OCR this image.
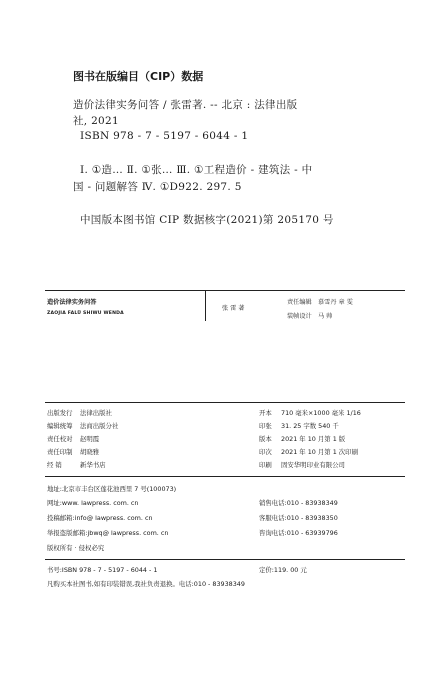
图书在版编目（CIP）数据
造价法律实务问答 / 张雷著. -- 北京 : 法律出版
社, 2021
ISBN 978 - 7 - 5197 - 6044 - 1
Ⅰ. ①造… Ⅱ. ①张… Ⅲ. ①工程造价 - 建筑法 - 中
国 - 问题解答 Ⅳ. ①D922. 297. 5
中国版本图书馆 CIP 数据核字(2021)第 205170 号
造价法律实务问答
ZAOJIA FALÜ SHIWU WENDA
张 雷 著
责任编辑 慕雪丹 章 雯
装帧设计 马 帅
出版发行 法律出版社
编辑统筹 法商出版分社
责任校对 赵明霞
责任印制 胡晓雅
经 销	新华书店
开本 710 毫米×1000 毫米 1/16
印张 31. 25 字数 540 千
版本 2021 年 10 月第 1 版
印次 2021 年 10 月第 1 次印刷
印刷 固安华明印业有限公司
地址:北京市丰台区莲花池西里 7 号(100073)
网址:www. lawpress. com. cn
投稿邮箱:info@ lawpress. com. cn
举报盗版邮箱:jbwq@ lawpress. com. cn
版权所有 · 侵权必究
销售电话:010 - 83938349
客服电话:010 - 83938350
咨询电话:010 - 63939796
书号:ISBN 978 - 7 - 5197 - 6044 - 1	定价:119. 00 元
凡购买本社图书,如有印装错误,我社负责退换。电话:010 - 83938349
